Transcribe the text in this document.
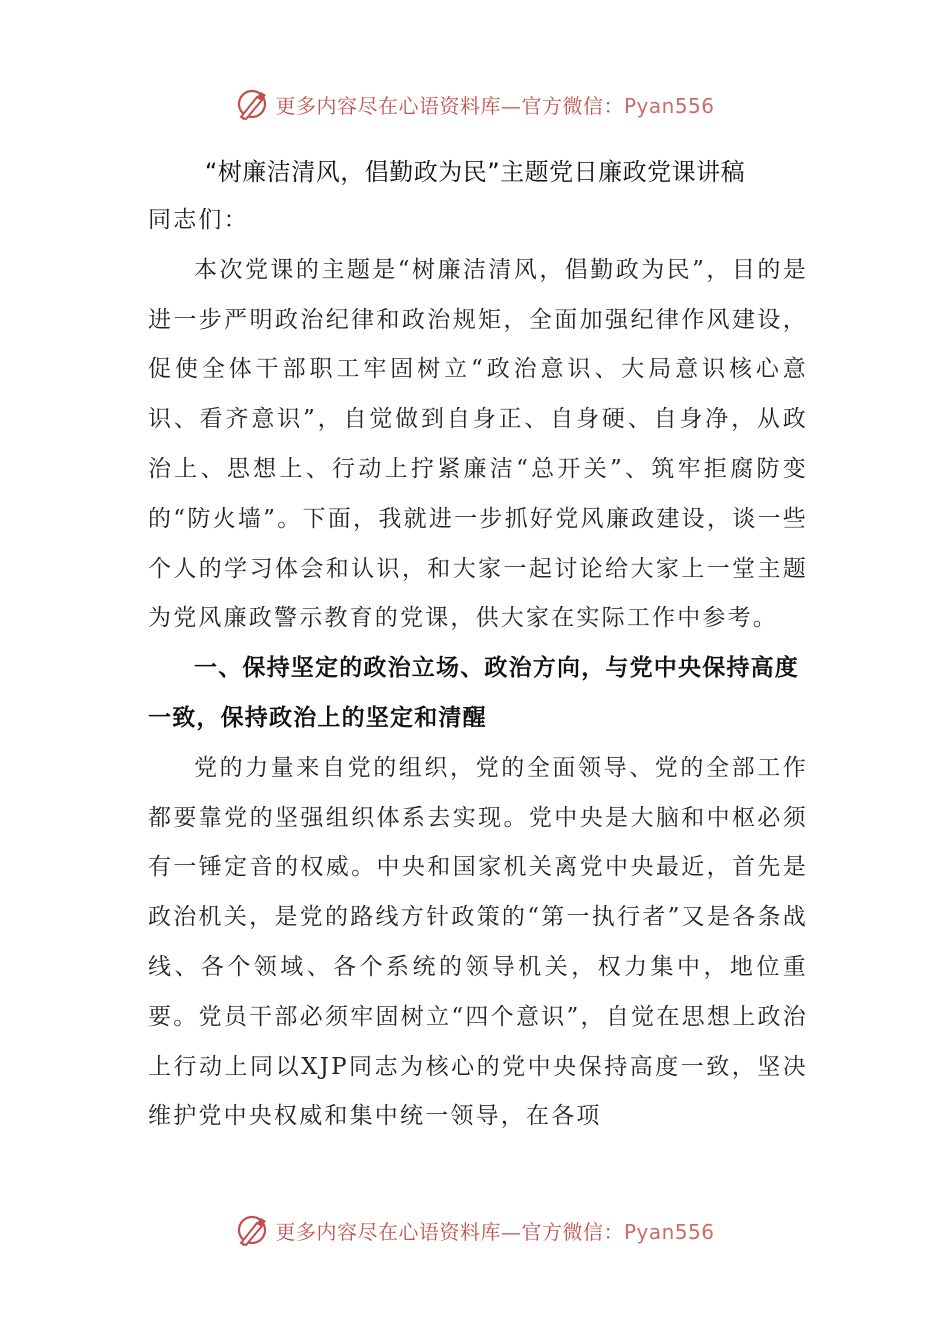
更多内容尽在心语资料库—官方微信：Pyan556
“树廉洁清风，倡勤政为民”主题党日廉政党课讲稿

同志们：

本次党课的主题是“树廉洁清风，倡勤政为民”，目的是进一步严明政治纪律和政治规矩，全面加强纪律作风建设，促使全体干部职工牢固树立“政治意识、大局意识核心意识、看齐意识”，自觉做到自身正、自身硬、自身净，从政治上、思想上、行动上拧紧廉洁“总开关”、筑牢拒腐防变的“防火墙”。下面，我就进一步抓好党风廉政建设，谈一些个人的学习体会和认识，和大家一起讨论给大家上一堂主题为党风廉政警示教育的党课，供大家在实际工作中参考。

一、保持坚定的政治立场、政治方向，与党中央保持高度一致，保持政治上的坚定和清醒

党的力量来自党的组织，党的全面领导、党的全部工作都要靠党的坚强组织体系去实现。党中央是大脑和中枢必须有一锤定音的权威。中央和国家机关离党中央最近，首先是政治机关，是党的路线方针政策的“第一执行者”又是各条战线、各个领域、各个系统的领导机关，权力集中，地位重要。党员干部必须牢固树立“四个意识”，自觉在思想上政治上行动上同以XJP同志为核心的党中央保持高度一致，坚决维护党中央权威和集中统一领导，在各项

更多内容尽在心语资料库—官方微信：Pyan556
